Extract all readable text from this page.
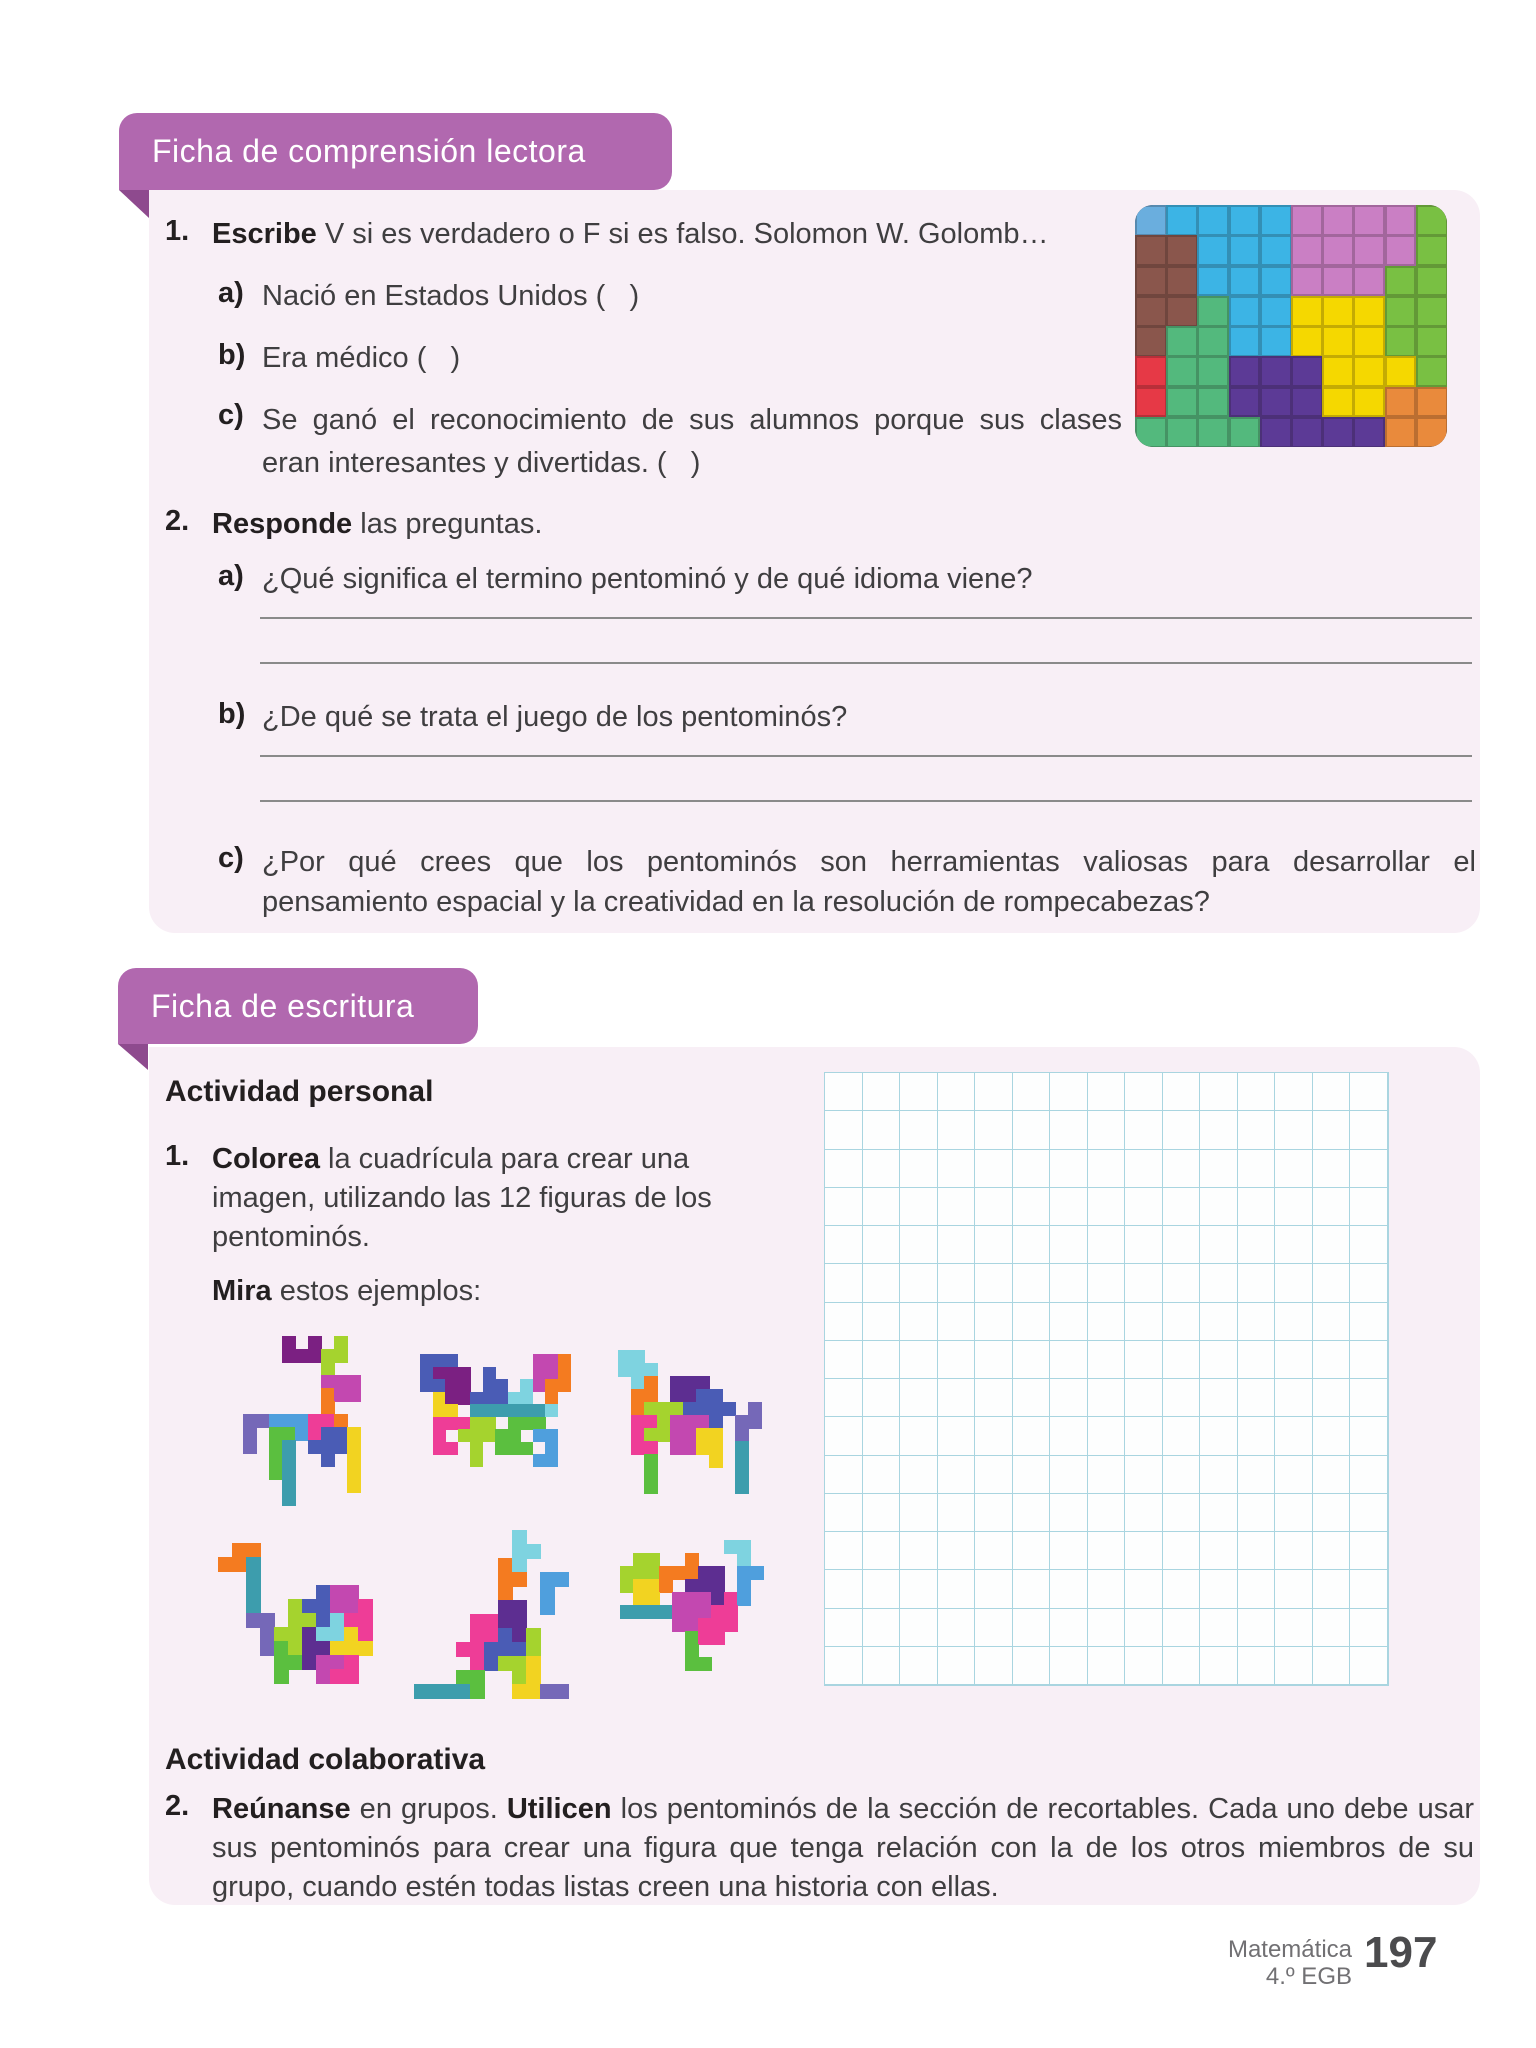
Ficha de comprensión lectora
1. Escribe V si es verdadero o F si es falso. Solomon W. Golomb…
a) Nació en Estados Unidos (   )
b) Era médico (   )
c) Se ganó el reconocimiento de sus alumnos porque sus clases eran interesantes y divertidas. (   )
2. Responde las preguntas.
a) ¿Qué significa el termino pentominó y de qué idioma viene?
b) ¿De qué se trata el juego de los pentominós?
c) ¿Por qué crees que los pentominós son herramientas valiosas para desarrollar el pensamiento espacial y la creatividad en la resolución de rompecabezas?
Ficha de escritura
Actividad personal
1. Colorea la cuadrícula para crear una imagen, utilizando las 12 figuras de los pentominós.
Mira estos ejemplos:
Actividad colaborativa
2. Reúnanse en grupos. Utilicen los pentominós de la sección de recortables. Cada uno debe usar sus pentominós para crear una figura que tenga relación con la de los otros miembros de su grupo, cuando estén todas listas creen una historia con ellas.
Matemática
4.º EGB 197
